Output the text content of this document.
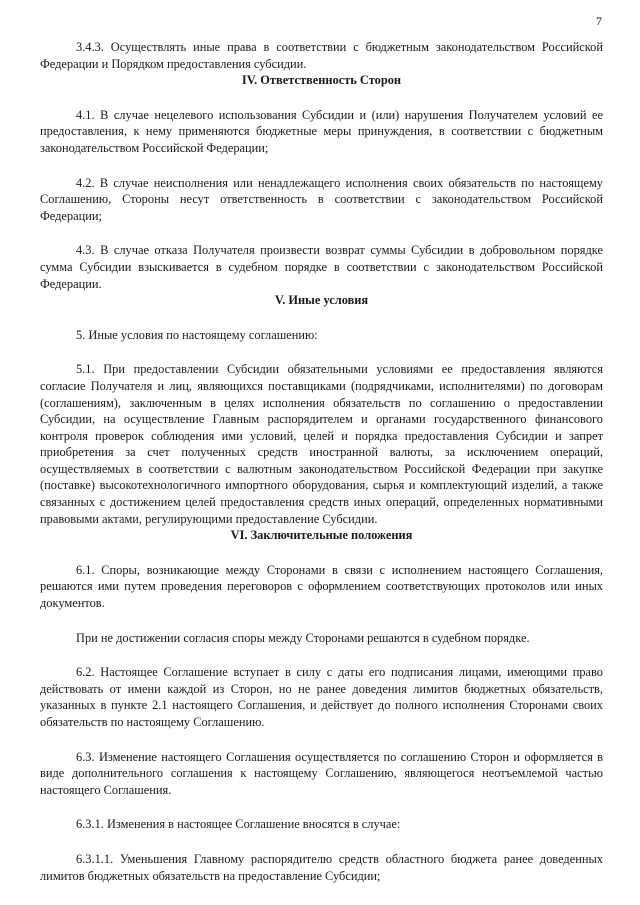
7

3.4.3. Осуществлять иные права в соответствии с бюджетным законодательством Российской Федерации и Порядком предоставления субсидии.

IV. Ответственность Сторон

4.1. В случае нецелевого использования Субсидии и (или) нарушения Получателем условий ее предоставления, к нему применяются бюджетные меры принуждения, в соответствии с бюджетным законодательством Российской Федерации;

4.2. В случае неисполнения или ненадлежащего исполнения своих обязательств по настоящему Соглашению, Стороны несут ответственность в соответствии с законодательством Российской Федерации;

4.3. В случае отказа Получателя произвести возврат суммы Субсидии в добровольном порядке сумма Субсидии взыскивается в судебном порядке в соответствии с законодательством Российской Федерации.

V. Иные условия

5. Иные условия по настоящему соглашению:

5.1. При предоставлении Субсидии обязательными условиями ее предоставления являются согласие Получателя и лиц, являющихся поставщиками (подрядчиками, исполнителями) по договорам (соглашениям), заключенным в целях исполнения обязательств по соглашению о предоставлении Субсидии, на осуществление Главным распорядителем и органами государственного финансового контроля проверок соблюдения ими условий, целей и порядка предоставления Субсидии и запрет приобретения за счет полученных средств иностранной валюты, за исключением операций, осуществляемых в соответствии с валютным законодательством Российской Федерации при закупке (поставке) высокотехнологичного импортного оборудования, сырья и комплектующий изделий, а также связанных с достижением целей предоставления средств иных операций, определенных нормативными правовыми актами, регулирующими предоставление Субсидии.

VI. Заключительные положения

6.1. Споры, возникающие между Сторонами в связи с исполнением настоящего Соглашения, решаются ими путем проведения переговоров с оформлением соответствующих протоколов или иных документов.

При не достижении согласия споры между Сторонами решаются в судебном порядке.

6.2. Настоящее Соглашение вступает в силу с даты его подписания лицами, имеющими право действовать от имени каждой из Сторон, но не ранее доведения лимитов бюджетных обязательств, указанных в пункте 2.1 настоящего Соглашения, и действует до полного исполнения Сторонами своих обязательств по настоящему Соглашению.

6.3. Изменение настоящего Соглашения осуществляется по соглашению Сторон и оформляется в виде дополнительного соглашения к настоящему Соглашению, являющегося неотъемлемой частью настоящего Соглашения.

6.3.1. Изменения в настоящее Соглашение вносятся в случае:

6.3.1.1. Уменьшения Главному распорядителю средств областного бюджета ранее доведенных лимитов бюджетных обязательств на предоставление Субсидии;
